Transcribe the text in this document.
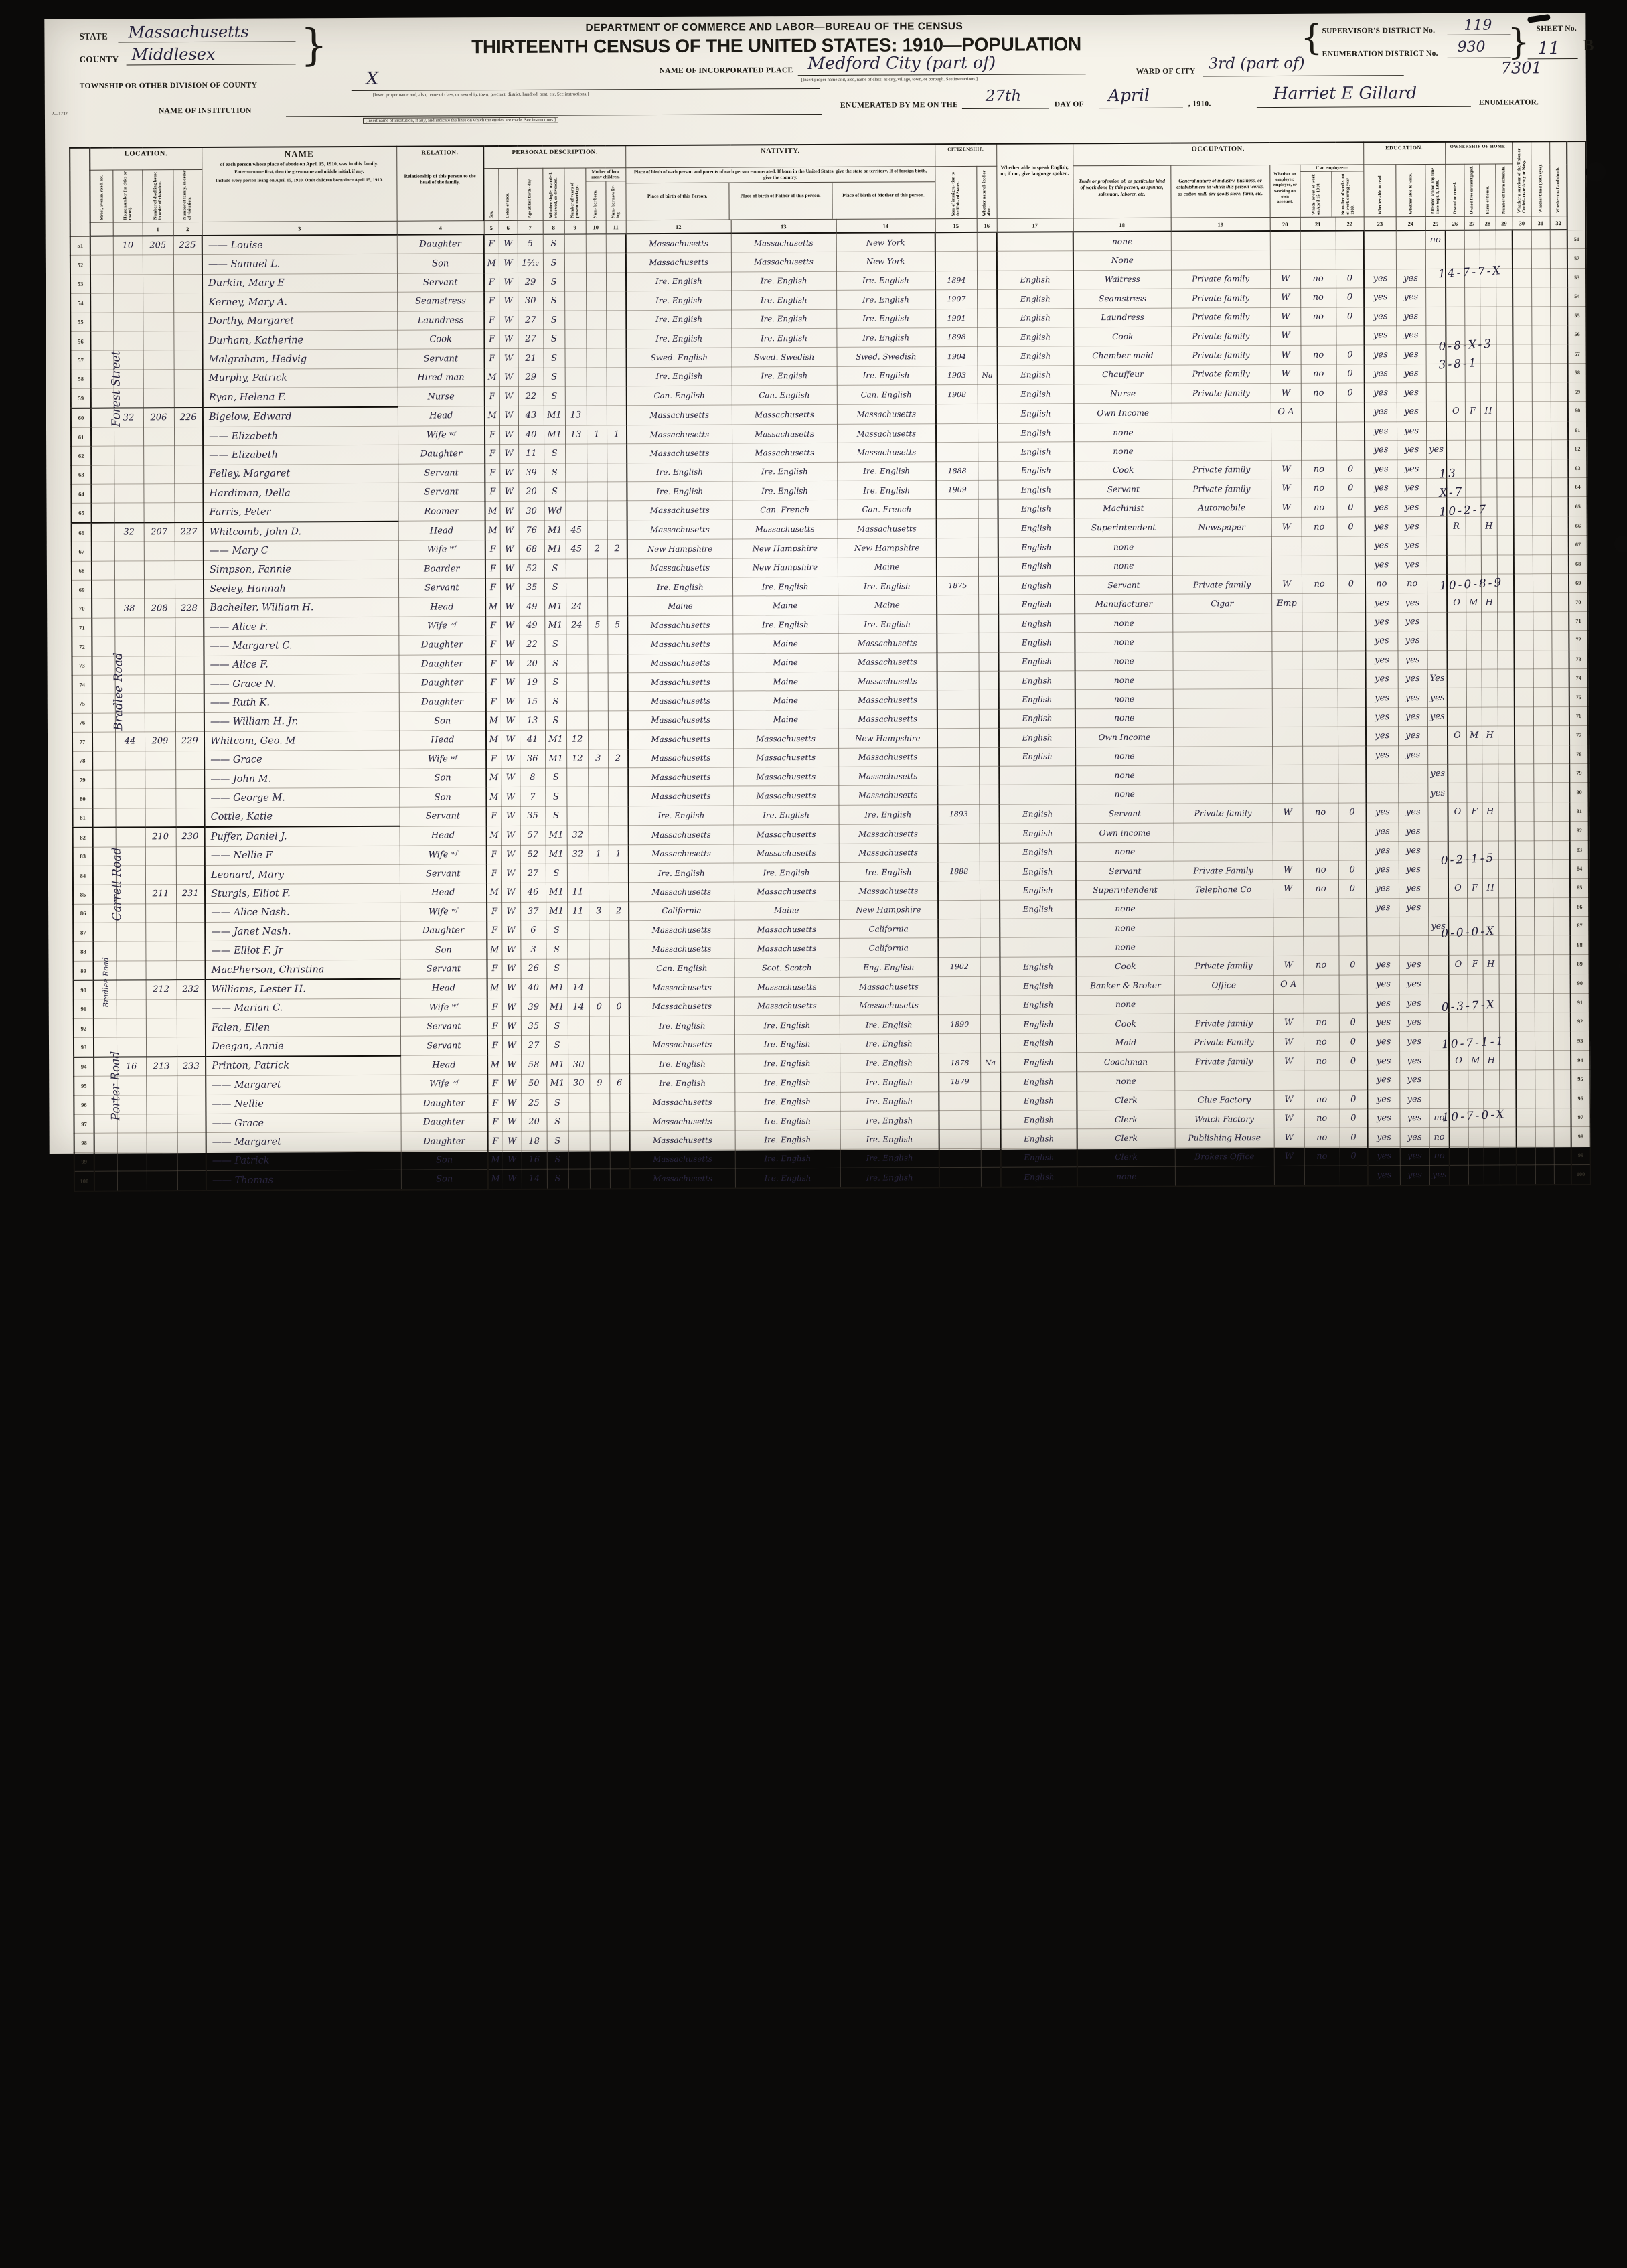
STATE Massachusetts
COUNTY Middlesex }
TOWNSHIP OR OTHER DIVISION OF COUNTY	X
[Insert proper name and, also, name of class, or township, town, precinct, district, hundred, beat, etc. See instructions.]
2—1232	NAME OF INSTITUTION
[Insert name of institution, if any, and indicate the lines on which the entries are made. See instructions.]
DEPARTMENT OF COMMERCE AND LABOR—BUREAU OF THE CENSUS
THIRTEENTH CENSUS OF THE UNITED STATES: 1910—POPULATION
NAME OF INCORPORATED PLACE Medford City (part of)
[Insert proper name and, also, name of class, as city, village, town, or borough. See instructions.]
ENUMERATED BY ME ON THE
27th	DAY OF April	, 1910.
Harriet E Gillard	ENUMERATOR.
{
SUPERVISOR'S DISTRICT No. 119
ENUMERATION DISTRICT No. 930 } SHEET No.
11 B
WARD OF CITY 3rd (part of)	7301

LOCATION.	NAME
of each person whose place of abode on April 15, 1910, was in this family.
Enter surname first, then the given name and middle initial, if any.
Include every person living on April 15, 1910. Omit children born since April 15, 1910.

RELATION.
Relationship of this person to the head of the family.

PERSONAL DESCRIPTION.	NATIVITY.	CITIZENSHIP.

Whether able to speak English; or, if not, give language spoken.

OCCUPATION.	EDUCATION.	OWNERSHIP OF HOME.

Whether a survivor of the Union or Confed- erate Army or Navy.	Whether blind (both eyes).	Whether deaf and dumb.

Street, avenue, road, etc.	House number (in cities or towns).	Number of dwelling house in order of visitation.	Number of family, in order of visitation.	Sex.	Color or race.	Age at last birth- day.	Whether single, married, widowed, or divorced.	Number of years of present marriage.

Mother of how many children.
Num- ber born.	Num- ber now liv- ing.

Place of birth of each person and parents of each person enumerated. If born in the United States, give the state or territory. If of foreign birth, give the country.
Place of birth of this Person.	Place of birth of Father of this person.	Place of birth of Mother of this person.	Year of immigra- tion to the Unit- ed States.	Whether natural- ized or alien.

Trade or profession of, or particular kind of work done by this person, as spinner, salesman, laborer, etc.

General nature of industry, business, or establishment in which this person works, as cotton mill, dry goods store, farm, etc.

Whether an employer, employee, or working on own account.

If an employee—
Wheth- er out of work on April 15, 1910.	Num- ber of weeks out of work during year 1909.	Whether able to read.	Whether able to write.	Attended school any time since Sept. 1, 1909.	Owned or rented.	Owned free or mortgaged.	Farm or house.	Number of farm schedule.

			1	2	3	4	5	6	7	8	9	10	11	12	13	14	15	16	17	18	19	20	21	22	23	24	25	26	27	28	29	30	31	32	
51		10	205	225	—— Louise	Daughter	F	W	5	S				Massachusetts	Massachusetts	New York				none							no								51
52					—— Samuel L.	Son	M	W	1⁵⁄₁₂	S				Massachusetts	Massachusetts	New York				None															52
53					Durkin, Mary E	Servant	F	W	29	S				Ire. English	Ire. English	Ire. English	1894		English	Waitress	Private family	W	no	0	yes	yes									53
54					Kerney, Mary A.	Seamstress	F	W	30	S				Ire. English	Ire. English	Ire. English	1907		English	Seamstress	Private family	W	no	0	yes	yes									54
55					Dorthy, Margaret	Laundress	F	W	27	S				Ire. English	Ire. English	Ire. English	1901		English	Laundress	Private family	W	no	0	yes	yes									55
56					Durham, Katherine	Cook	F	W	27	S				Ire. English	Ire. English	Ire. English	1898		English	Cook	Private family	W			yes	yes									56
57					Malgraham, Hedvig	Servant	F	W	21	S				Swed. English	Swed. Swedish	Swed. Swedish	1904		English	Chamber maid	Private family	W	no	0	yes	yes									57
58					Murphy, Patrick	Hired man	M	W	29	S				Ire. English	Ire. English	Ire. English	1903	Na	English	Chauffeur	Private family	W	no	0	yes	yes									58
59					Ryan, Helena F.	Nurse	F	W	22	S				Can. English	Can. English	Can. English	1908		English	Nurse	Private family	W	no	0	yes	yes									59
60		32	206	226	Bigelow, Edward	Head	M	W	43	M1	13			Massachusetts	Massachusetts	Massachusetts			English	Own Income		O A			yes	yes		O	F	H					60
61					—— Elizabeth	Wife ʷᶠ	F	W	40	M1	13	1	1	Massachusetts	Massachusetts	Massachusetts			English	none					yes	yes									61
62					—— Elizabeth	Daughter	F	W	11	S				Massachusetts	Massachusetts	Massachusetts			English	none					yes	yes	yes								62
63					Felley, Margaret	Servant	F	W	39	S				Ire. English	Ire. English	Ire. English	1888		English	Cook	Private family	W	no	0	yes	yes									63
64					Hardiman, Della	Servant	F	W	20	S				Ire. English	Ire. English	Ire. English	1909		English	Servant	Private family	W	no	0	yes	yes									64
65					Farris, Peter	Roomer	M	W	30	Wd				Massachusetts	Can. French	Can. French			English	Machinist	Automobile	W	no	0	yes	yes									65
66		32	207	227	Whitcomb, John D.	Head	M	W	76	M1	45			Massachusetts	Massachusetts	Massachusetts			English	Superintendent	Newspaper	W	no	0	yes	yes		R		H					66
67					—— Mary C	Wife ʷᶠ	F	W	68	M1	45	2	2	New Hampshire	New Hampshire	New Hampshire			English	none					yes	yes									67
68					Simpson, Fannie	Boarder	F	W	52	S				Massachusetts	New Hampshire	Maine			English	none					yes	yes									68
69					Seeley, Hannah	Servant	F	W	35	S				Ire. English	Ire. English	Ire. English	1875		English	Servant	Private family	W	no	0	no	no									69
70		38	208	228	Bacheller, William H.	Head	M	W	49	M1	24			Maine	Maine	Maine			English	Manufacturer	Cigar	Emp			yes	yes		O	M	H					70
71					—— Alice F.	Wife ʷᶠ	F	W	49	M1	24	5	5	Massachusetts	Ire. English	Ire. English			English	none					yes	yes									71
72					—— Margaret C.	Daughter	F	W	22	S				Massachusetts	Maine	Massachusetts			English	none					yes	yes									72
73					—— Alice F.	Daughter	F	W	20	S				Massachusetts	Maine	Massachusetts			English	none					yes	yes									73
74					—— Grace N.	Daughter	F	W	19	S				Massachusetts	Maine	Massachusetts			English	none					yes	yes	Yes								74
75					—— Ruth K.	Daughter	F	W	15	S				Massachusetts	Maine	Massachusetts			English	none					yes	yes	yes								75
76					—— William H. Jr.	Son	M	W	13	S				Massachusetts	Maine	Massachusetts			English	none					yes	yes	yes								76
77		44	209	229	Whitcom, Geo. M	Head	M	W	41	M1	12			Massachusetts	Massachusetts	New Hampshire			English	Own Income					yes	yes		O	M	H					77
78					—— Grace	Wife ʷᶠ	F	W	36	M1	12	3	2	Massachusetts	Massachusetts	Massachusetts			English	none					yes	yes									78
79					—— John M.	Son	M	W	8	S				Massachusetts	Massachusetts	Massachusetts				none							yes								79
80					—— George M.	Son	M	W	7	S				Massachusetts	Massachusetts	Massachusetts				none							yes								80
81					Cottle, Katie	Servant	F	W	35	S				Ire. English	Ire. English	Ire. English	1893		English	Servant	Private family	W	no	0	yes	yes		O	F	H					81
82			210	230	Puffer, Daniel J.	Head	M	W	57	M1	32			Massachusetts	Massachusetts	Massachusetts			English	Own income					yes	yes									82
83					—— Nellie F	Wife ʷᶠ	F	W	52	M1	32	1	1	Massachusetts	Massachusetts	Massachusetts			English	none					yes	yes									83
84					Leonard, Mary	Servant	F	W	27	S				Ire. English	Ire. English	Ire. English	1888		English	Servant	Private Family	W	no	0	yes	yes									84
85			211	231	Sturgis, Elliot F.	Head	M	W	46	M1	11			Massachusetts	Massachusetts	Massachusetts			English	Superintendent	Telephone Co	W	no	0	yes	yes		O	F	H					85
86					—— Alice Nash.	Wife ʷᶠ	F	W	37	M1	11	3	2	California	Maine	New Hampshire			English	none					yes	yes									86
87					—— Janet Nash.	Daughter	F	W	6	S				Massachusetts	Massachusetts	California				none							yes								87
88					—— Elliot F. Jr	Son	M	W	3	S				Massachusetts	Massachusetts	California				none															88
89					MacPherson, Christina	Servant	F	W	26	S				Can. English	Scot. Scotch	Eng. English	1902		English	Cook	Private family	W	no	0	yes	yes		O	F	H					89
90			212	232	Williams, Lester H.	Head	M	W	40	M1	14			Massachusetts	Massachusetts	Massachusetts			English	Banker & Broker	Office	O A			yes	yes									90
91					—— Marian C.	Wife ʷᶠ	F	W	39	M1	14	0	0	Massachusetts	Massachusetts	Massachusetts			English	none					yes	yes									91
92					Falen, Ellen	Servant	F	W	35	S				Ire. English	Ire. English	Ire. English	1890		English	Cook	Private family	W	no	0	yes	yes									92
93					Deegan, Annie	Servant	F	W	27	S				Massachusetts	Ire. English	Ire. English			English	Maid	Private Family	W	no	0	yes	yes									93
94		16	213	233	Printon, Patrick	Head	M	W	58	M1	30			Ire. English	Ire. English	Ire. English	1878	Na	English	Coachman	Private family	W	no	0	yes	yes		O	M	H					94
95					—— Margaret	Wife ʷᶠ	F	W	50	M1	30	9	6	Ire. English	Ire. English	Ire. English	1879		English	none					yes	yes									95
96					—— Nellie	Daughter	F	W	25	S				Massachusetts	Ire. English	Ire. English			English	Clerk	Glue Factory	W	no	0	yes	yes									96
97					—— Grace	Daughter	F	W	20	S				Massachusetts	Ire. English	Ire. English			English	Clerk	Watch Factory	W	no	0	yes	yes	no								97
98					—— Margaret	Daughter	F	W	18	S				Massachusetts	Ire. English	Ire. English			English	Clerk	Publishing House	W	no	0	yes	yes	no								98
99					—— Patrick	Son	M	W	16	S				Massachusetts	Ire. English	Ire. English			English	Clerk	Brokers Office	W	no	0	yes	yes	no								99
100					—— Thomas	Son	M	W	14	S				Massachusetts	Ire. English	Ire. English			English	none					yes	yes	yes								100
Forest Street
Bradlee Road
Carrell Road
Bradlee Road
Porter Road
14-7-7-X
0-8-X-3
3-8-1
13
X-7
10-2-7
10-0-8-9
0-2-1-5
0-0-0-X
0-3-7-X
10-7-1-1
10-7-0-X
